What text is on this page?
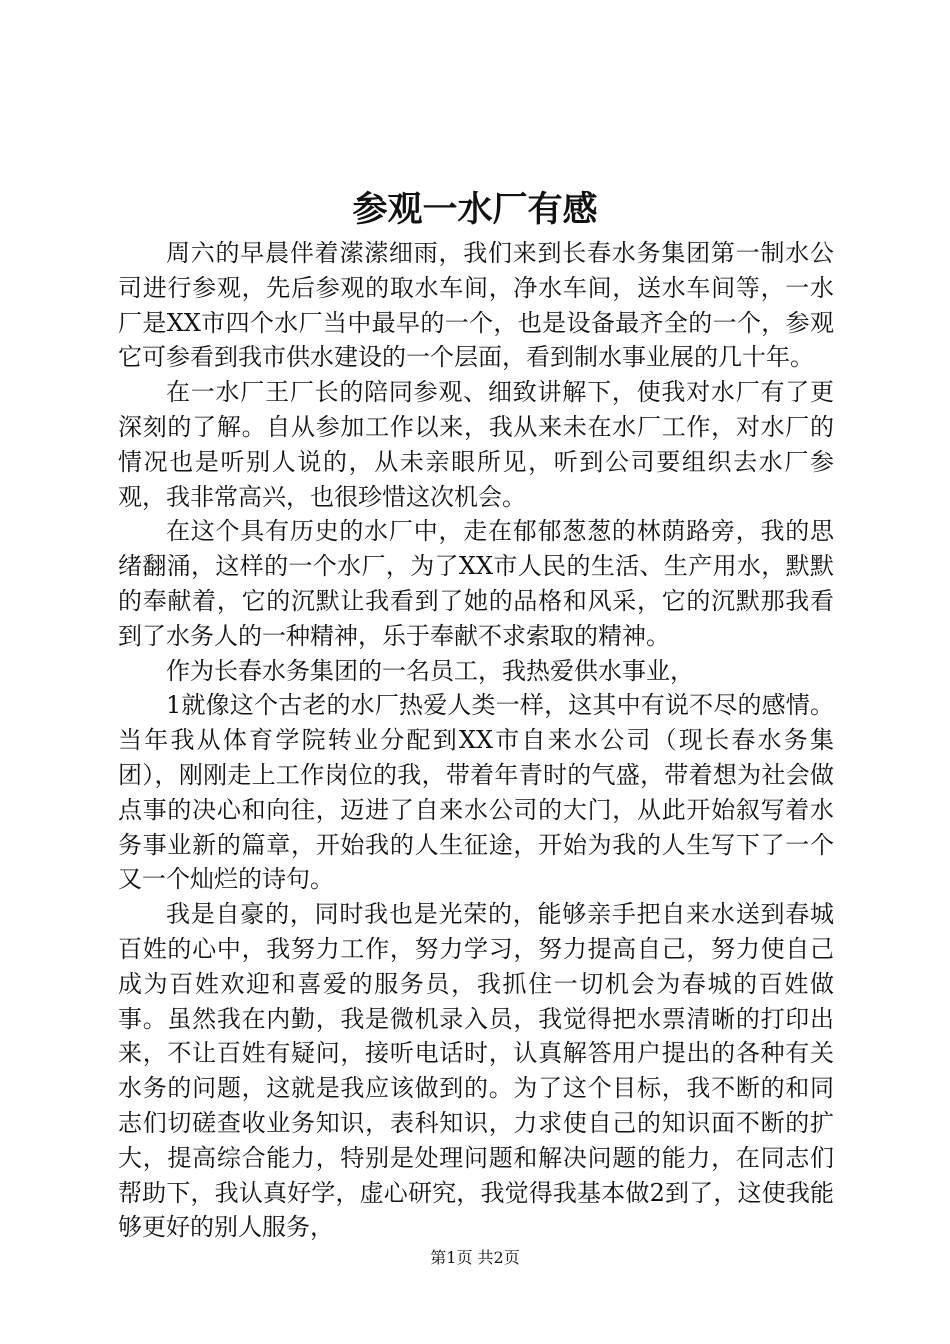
参观一水厂有感

周六的早晨伴着潆潆细雨，我们来到长春水务集团第一制水公司进行参观，先后参观的取水车间，净水车间，送水车间等，一水厂是XX市四个水厂当中最早的一个，也是设备最齐全的一个，参观它可参看到我市供水建设的一个层面，看到制水事业展的几十年。

在一水厂王厂长的陪同参观、细致讲解下，使我对水厂有了更深刻的了解。自从参加工作以来，我从来未在水厂工作，对水厂的情况也是听别人说的，从未亲眼所见，听到公司要组织去水厂参观，我非常高兴，也很珍惜这次机会。

在这个具有历史的水厂中，走在郁郁葱葱的林荫路旁，我的思绪翻涌，这样的一个水厂，为了XX市人民的生活、生产用水，默默的奉献着，它的沉默让我看到了她的品格和风采，它的沉默那我看到了水务人的一种精神，乐于奉献不求索取的精神。

作为长春水务集团的一名员工，我热爱供水事业，

1就像这个古老的水厂热爱人类一样，这其中有说不尽的感情。当年我从体育学院转业分配到XX市自来水公司（现长春水务集团），刚刚走上工作岗位的我，带着年青时的气盛，带着想为社会做点事的决心和向往，迈进了自来水公司的大门，从此开始叙写着水务事业新的篇章，开始我的人生征途，开始为我的人生写下了一个又一个灿烂的诗句。

我是自豪的，同时我也是光荣的，能够亲手把自来水送到春城百姓的心中，我努力工作，努力学习，努力提高自己，努力使自己成为百姓欢迎和喜爱的服务员，我抓住一切机会为春城的百姓做事。虽然我在内勤，我是微机录入员，我觉得把水票清晰的打印出来，不让百姓有疑问，接听电话时，认真解答用户提出的各种有关水务的问题，这就是我应该做到的。为了这个目标，我不断的和同志们切磋查收业务知识，表科知识，力求使自己的知识面不断的扩大，提高综合能力，特别是处理问题和解决问题的能力，在同志们帮助下，我认真好学，虚心研究，我觉得我基本做2到了，这使我能够更好的别人服务，

第1页 共2页
